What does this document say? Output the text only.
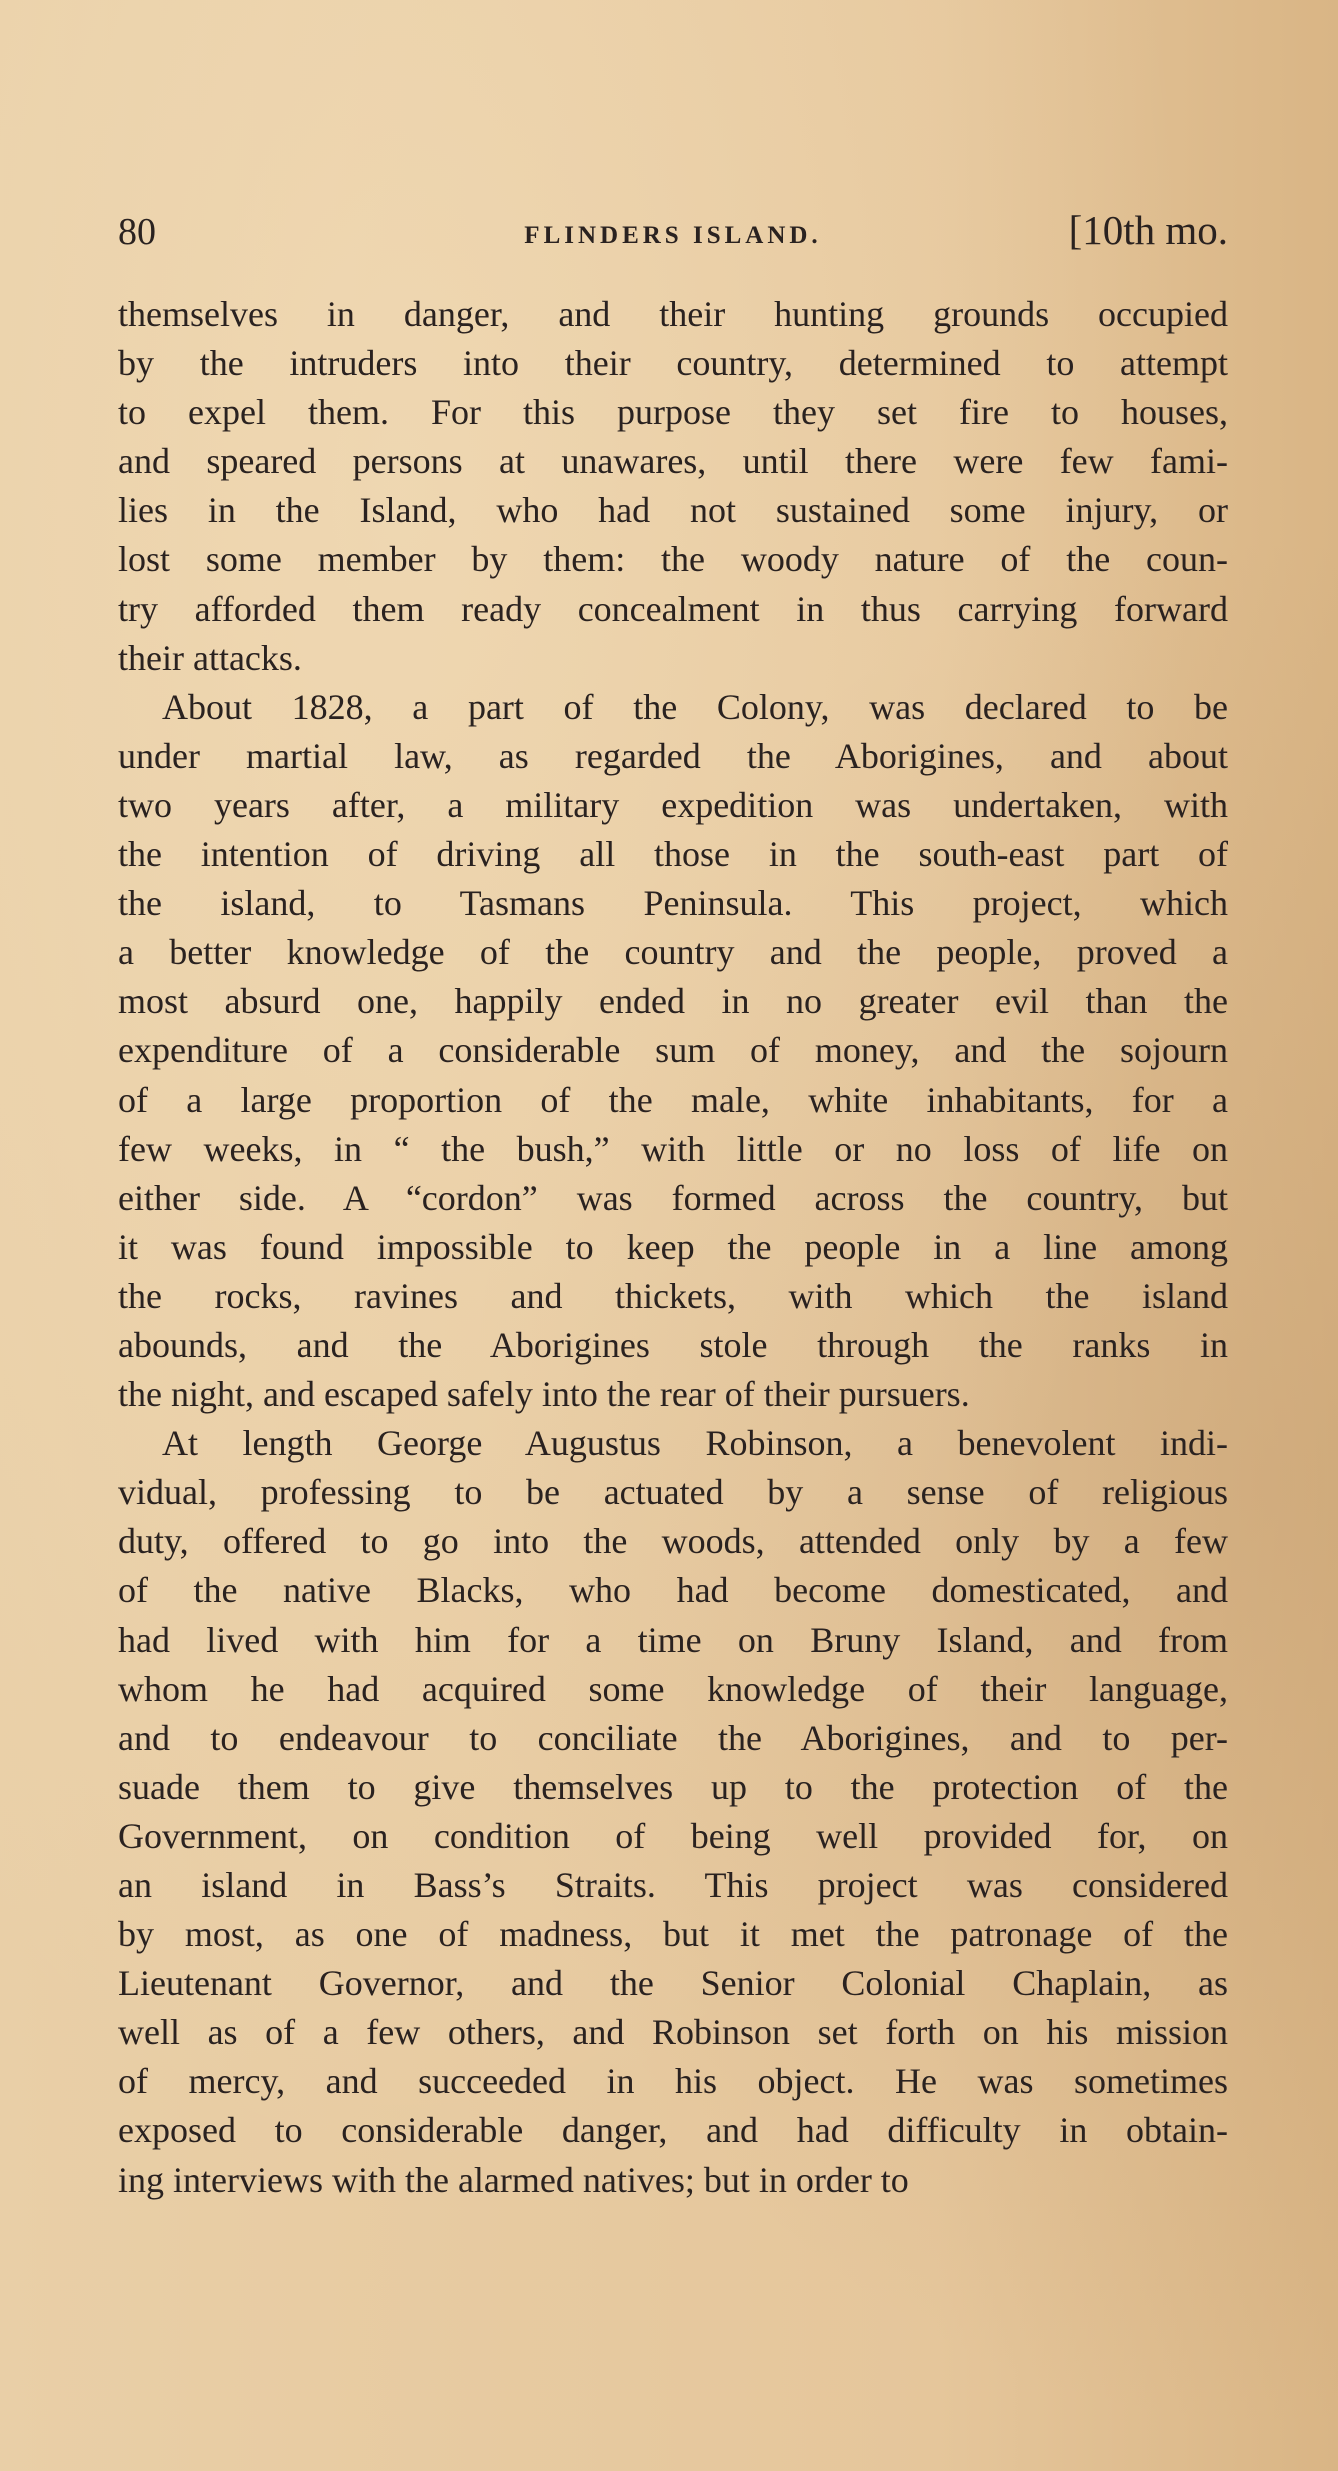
80	FLINDERS ISLAND.	[10th mo.
themselves in danger, and their hunting grounds occupied
by the intruders into their country, determined to attempt
to expel them. For this purpose they set fire to houses,
and speared persons at unawares, until there were few fami-
lies in the Island, who had not sustained some injury, or
lost some member by them: the woody nature of the coun-
try afforded them ready concealment in thus carrying forward
their attacks.
About 1828, a part of the Colony, was declared to be
under martial law, as regarded the Aborigines, and about
two years after, a military expedition was undertaken, with
the intention of driving all those in the south-east part of
the island, to Tasmans Peninsula. This project, which
a better knowledge of the country and the people, proved a
most absurd one, happily ended in no greater evil than the
expenditure of a considerable sum of money, and the sojourn
of a large proportion of the male, white inhabitants, for a
few weeks, in “ the bush,” with little or no loss of life on
either side. A “cordon” was formed across the country, but
it was found impossible to keep the people in a line among
the rocks, ravines and thickets, with which the island
abounds, and the Aborigines stole through the ranks in
the night, and escaped safely into the rear of their pursuers.
At length George Augustus Robinson, a benevolent indi-
vidual, professing to be actuated by a sense of religious
duty, offered to go into the woods, attended only by a few
of the native Blacks, who had become domesticated, and
had lived with him for a time on Bruny Island, and from
whom he had acquired some knowledge of their language,
and to endeavour to conciliate the Aborigines, and to per-
suade them to give themselves up to the protection of the
Government, on condition of being well provided for, on
an island in Bass’s Straits. This project was considered
by most, as one of madness, but it met the patronage of the
Lieutenant Governor, and the Senior Colonial Chaplain, as
well as of a few others, and Robinson set forth on his mission
of mercy, and succeeded in his object. He was sometimes
exposed to considerable danger, and had difficulty in obtain-
ing interviews with the alarmed natives; but in order to
